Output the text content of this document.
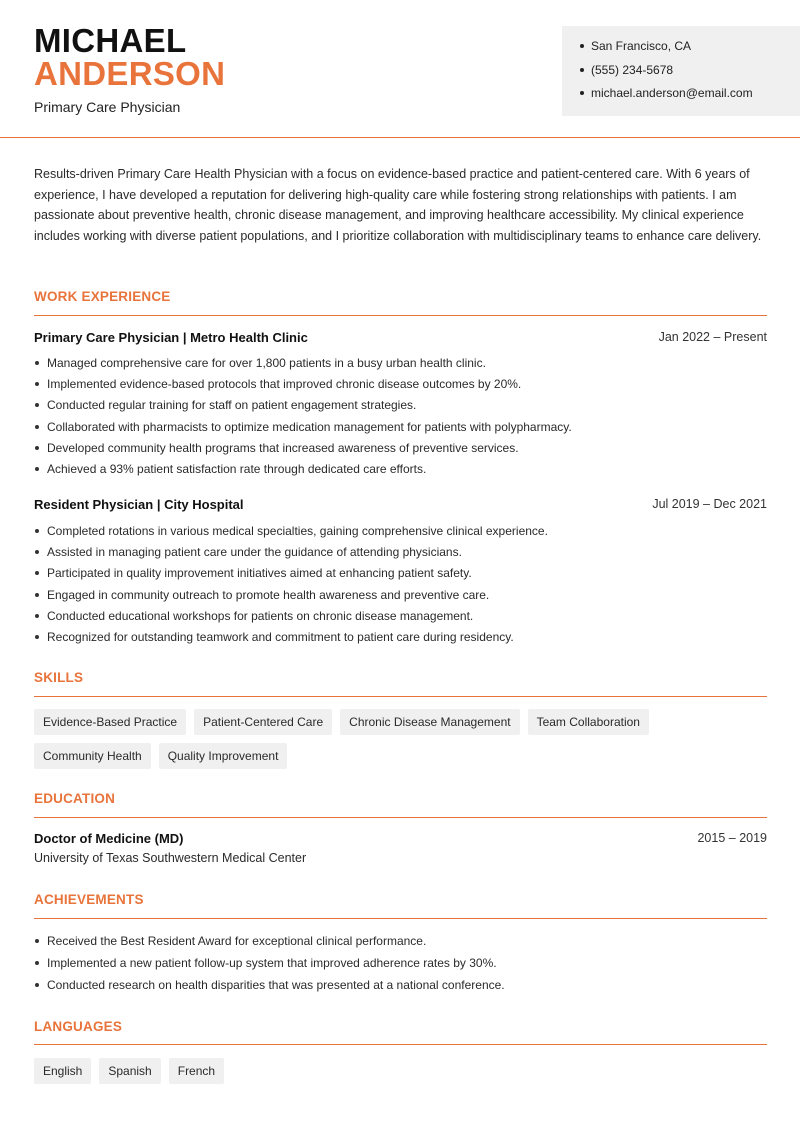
MICHAEL
ANDERSON
Primary Care Physician
San Francisco, CA
(555) 234-5678
michael.anderson@email.com

Results-driven Primary Care Health Physician with a focus on evidence-based practice and patient-centered care. With 6 years of experience, I have developed a reputation for delivering high-quality care while fostering strong relationships with patients. I am passionate about preventive health, chronic disease management, and improving healthcare accessibility. My clinical experience includes working with diverse patient populations, and I prioritize collaboration with multidisciplinary teams to enhance care delivery.

WORK EXPERIENCE
Primary Care Physician | Metro Health Clinic	Jan 2022 – Present
Managed comprehensive care for over 1,800 patients in a busy urban health clinic.
Implemented evidence-based protocols that improved chronic disease outcomes by 20%.
Conducted regular training for staff on patient engagement strategies.
Collaborated with pharmacists to optimize medication management for patients with polypharmacy.
Developed community health programs that increased awareness of preventive services.
Achieved a 93% patient satisfaction rate through dedicated care efforts.
Resident Physician | City Hospital	Jul 2019 – Dec 2021
Completed rotations in various medical specialties, gaining comprehensive clinical experience.
Assisted in managing patient care under the guidance of attending physicians.
Participated in quality improvement initiatives aimed at enhancing patient safety.
Engaged in community outreach to promote health awareness and preventive care.
Conducted educational workshops for patients on chronic disease management.
Recognized for outstanding teamwork and commitment to patient care during residency.
SKILLS
Evidence-Based Practice	Patient-Centered Care	Chronic Disease Management	Team Collaboration
Community Health	Quality Improvement
EDUCATION
Doctor of Medicine (MD)	2015 – 2019
University of Texas Southwestern Medical Center
ACHIEVEMENTS
Received the Best Resident Award for exceptional clinical performance.
Implemented a new patient follow-up system that improved adherence rates by 30%.
Conducted research on health disparities that was presented at a national conference.
LANGUAGES
English	Spanish	French
